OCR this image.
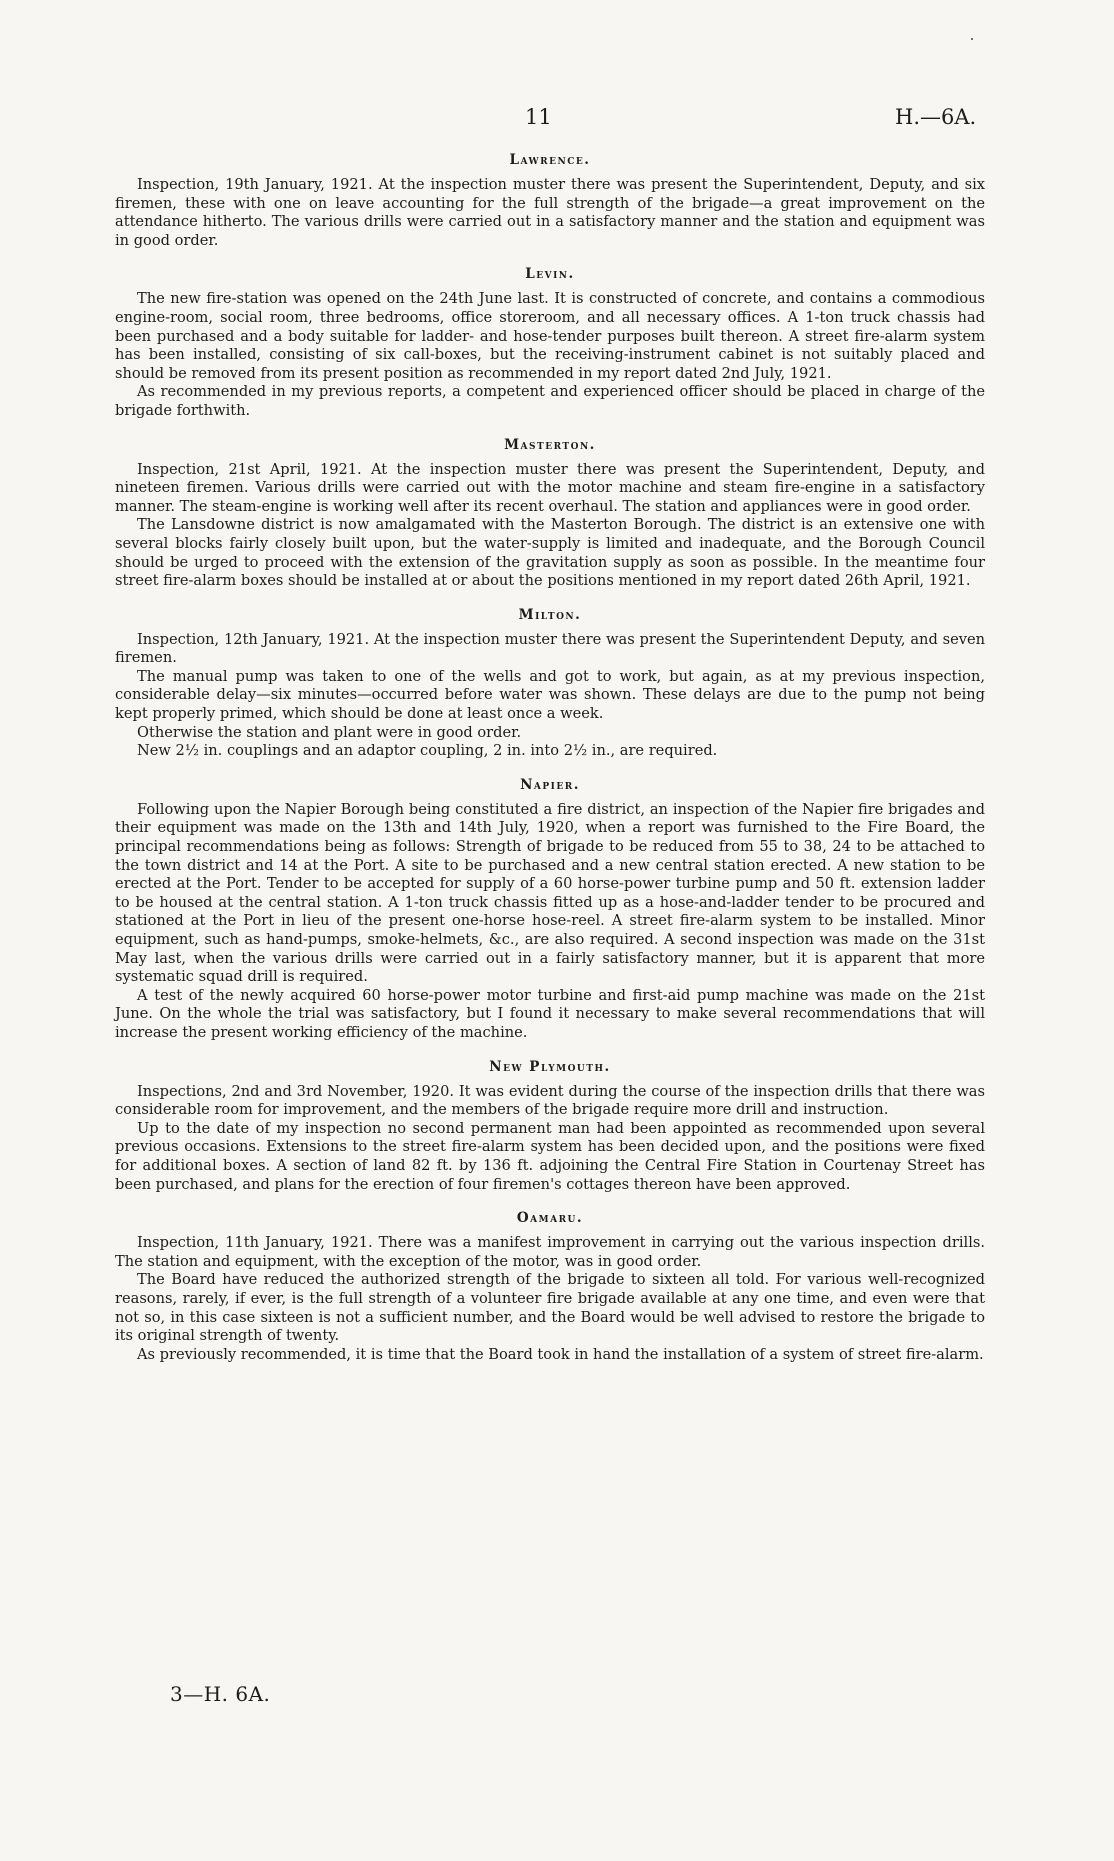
11	H.—6A.
Lawrence.

Inspection, 19th January, 1921. At the inspection muster there was present the Superintendent, Deputy, and six firemen, these with one on leave accounting for the full strength of the brigade—a great improvement on the attendance hitherto. The various drills were carried out in a satisfactory manner and the station and equipment was in good order.

Levin.

The new fire-station was opened on the 24th June last. It is constructed of concrete, and contains a commodious engine-room, social room, three bedrooms, office storeroom, and all necessary offices. A 1-ton truck chassis had been purchased and a body suitable for ladder- and hose-tender purposes built thereon. A street fire-alarm system has been installed, consisting of six call-boxes, but the receiving-instrument cabinet is not suitably placed and should be removed from its present position as recommended in my report dated 2nd July, 1921.

As recommended in my previous reports, a competent and experienced officer should be placed in charge of the brigade forthwith.

Masterton.

Inspection, 21st April, 1921. At the inspection muster there was present the Superintendent, Deputy, and nineteen firemen. Various drills were carried out with the motor machine and steam fire-engine in a satisfactory manner. The steam-engine is working well after its recent overhaul. The station and appliances were in good order.

The Lansdowne district is now amalgamated with the Masterton Borough. The district is an extensive one with several blocks fairly closely built upon, but the water-supply is limited and inadequate, and the Borough Council should be urged to proceed with the extension of the gravitation supply as soon as possible. In the meantime four street fire-alarm boxes should be installed at or about the positions mentioned in my report dated 26th April, 1921.

Milton.

Inspection, 12th January, 1921. At the inspection muster there was present the Superintendent Deputy, and seven firemen.

The manual pump was taken to one of the wells and got to work, but again, as at my previous inspection, considerable delay—six minutes—occurred before water was shown. These delays are due to the pump not being kept properly primed, which should be done at least once a week.

Otherwise the station and plant were in good order.

New 2½ in. couplings and an adaptor coupling, 2 in. into 2½ in., are required.

Napier.

Following upon the Napier Borough being constituted a fire district, an inspection of the Napier fire brigades and their equipment was made on the 13th and 14th July, 1920, when a report was furnished to the Fire Board, the principal recommendations being as follows: Strength of brigade to be reduced from 55 to 38, 24 to be attached to the town district and 14 at the Port. A site to be purchased and a new central station erected. A new station to be erected at the Port. Tender to be accepted for supply of a 60 horse-power turbine pump and 50 ft. extension ladder to be housed at the central station. A 1-ton truck chassis fitted up as a hose-and-ladder tender to be procured and stationed at the Port in lieu of the present one-horse hose-reel. A street fire-alarm system to be installed. Minor equipment, such as hand-pumps, smoke-helmets, &c., are also required. A second inspection was made on the 31st May last, when the various drills were carried out in a fairly satisfactory manner, but it is apparent that more systematic squad drill is required.

A test of the newly acquired 60 horse-power motor turbine and first-aid pump machine was made on the 21st June. On the whole the trial was satisfactory, but I found it necessary to make several recommendations that will increase the present working efficiency of the machine.

New Plymouth.

Inspections, 2nd and 3rd November, 1920. It was evident during the course of the inspection drills that there was considerable room for improvement, and the members of the brigade require more drill and instruction.

Up to the date of my inspection no second permanent man had been appointed as recommended upon several previous occasions. Extensions to the street fire-alarm system has been decided upon, and the positions were fixed for additional boxes. A section of land 82 ft. by 136 ft. adjoining the Central Fire Station in Courtenay Street has been purchased, and plans for the erection of four firemen's cottages thereon have been approved.

Oamaru.

Inspection, 11th January, 1921. There was a manifest improvement in carrying out the various inspection drills. The station and equipment, with the exception of the motor, was in good order.

The Board have reduced the authorized strength of the brigade to sixteen all told. For various well-recognized reasons, rarely, if ever, is the full strength of a volunteer fire brigade available at any one time, and even were that not so, in this case sixteen is not a sufficient number, and the Board would be well advised to restore the brigade to its original strength of twenty.

As previously recommended, it is time that the Board took in hand the installation of a system of street fire-alarm.

3—H. 6A.
